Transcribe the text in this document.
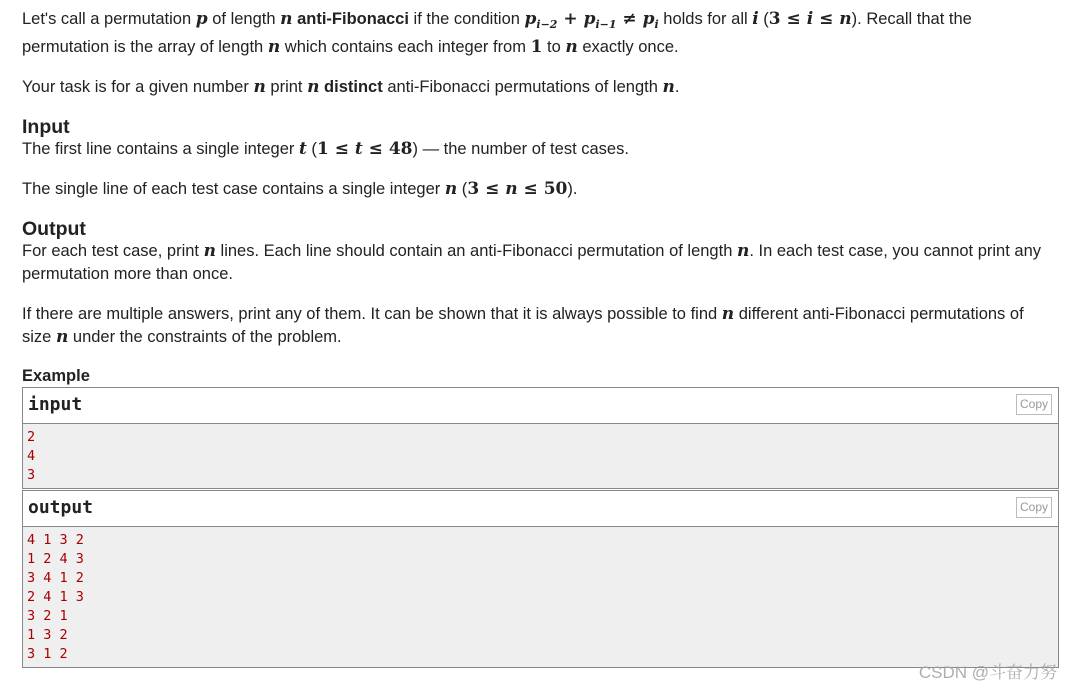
Let's call a permutation p of length n anti-Fibonacci if the condition $p_{i-2} + p_{i-1} \ne p_i$ holds for all i (3 ≤ i ≤ n). Recall that the

permutation is the array of length n which contains each integer from 1 to n exactly once.

Your task is for a given number n print n distinct anti-Fibonacci permutations of length n.

Input

The first line contains a single integer t (1 ≤ t ≤ 48) — the number of test cases.

The single line of each test case contains a single integer n (3 ≤ n ≤ 50).

Output

For each test case, print n lines. Each line should contain an anti-Fibonacci permutation of length n. In each test case, you cannot print any

permutation more than once.

If there are multiple answers, print any of them. It can be shown that it is always possible to find n different anti-Fibonacci permutations of

size n under the constraints of the problem.

Example
input	Copy
2
4
3
output	Copy
4 1 3 2
1 2 4 3
3 4 1 2
2 4 1 3
3 2 1
1 3 2
3 1 2
CSDN @斗奋力努
